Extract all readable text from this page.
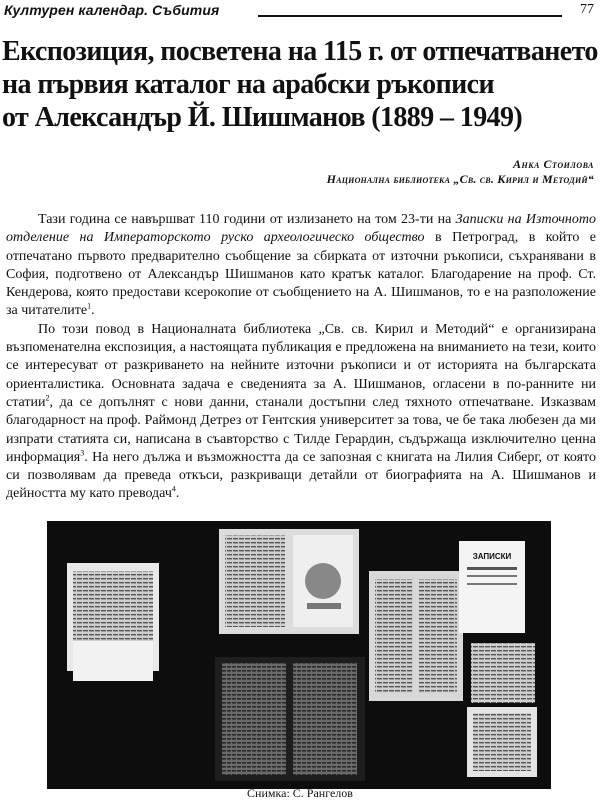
Културен календар. Събития	77
Експозиция, посветена на 115 г. от отпечатването
на първия каталог на арабски ръкописи
от Александър Й. Шишманов (1889 – 1949)
Анка Стоилова
Национална библиотека „Св. св. Кирил и Методий“

Тази година се навършват 110 години от излизането на том 23-ти на Записки на Източното отделение на Императорското руско археологическо общество в Петроград, в който е отпечатано първото предварително съобщение за сбирката от източни ръкописи, съхранявани в София, подготвено от Александър Шишманов като кратък каталог. Благодарение на проф. Ст. Кендерова, която предостави ксерокопие от съобщението на А. Шишманов, то е на разположение за читателите$^1$.

По този повод в Националната библиотека „Св. св. Кирил и Методий“ е организирана възпоменателна експозиция, а настоящата публикация е предложена на вниманието на тези, които се интересуват от разкриването на нейните източни ръкописи и от историята на българската ориенталистика. Основната задача е сведенията за А. Шишманов, огласени в по-ранните ни статии$^2$, да се допълнят с нови данни, станали достъпни след тяхното отпечатване. Изказвам благодарност на проф. Раймонд Детрез от Гентския университет за това, че бе така любезен да ми изпрати статията си, написана в съавторство с Тилде Герардин, съдържаща изключително ценна информация$^3$. На него дължа и възможността да се запозная с книгата на Лилия Сиберг, от която си позволявам да преведа откъси, разкриващи детайли от биографията на А. Шишманов и дейността му като преводач$^4$.

ЗАПИСКИ
Снимка: С. Рангелов
